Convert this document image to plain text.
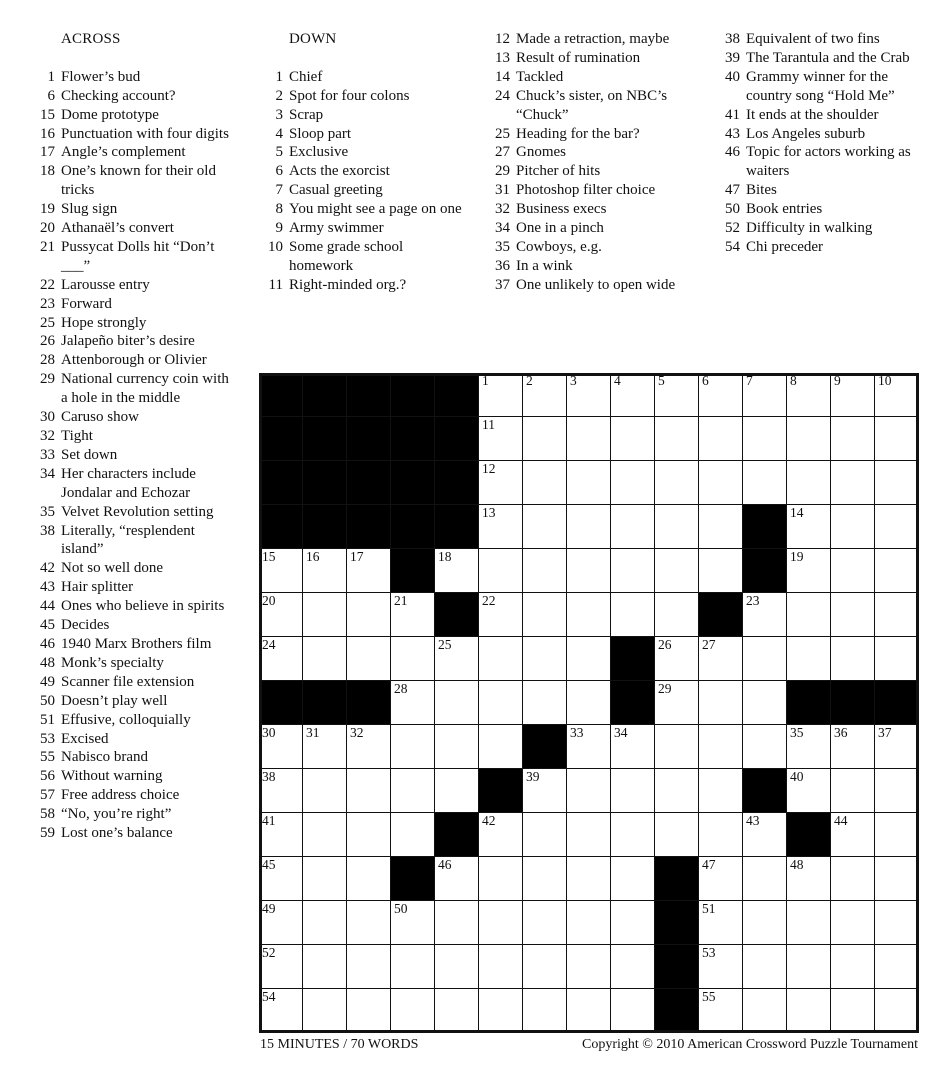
ACROSS
1 Flower’s bud
6 Checking account?
15 Dome prototype
16 Punctuation with four digits
17 Angle’s complement
18 One’s known for their old tricks
19 Slug sign
20 Athanaël’s convert
21 Pussycat Dolls hit “Don’t ___”
22 Larousse entry
23 Forward
25 Hope strongly
26 Jalapeño biter’s desire
28 Attenborough or Olivier
29 National currency coin with a hole in the middle
30 Caruso show
32 Tight
33 Set down
34 Her characters include Jondalar and Echozar
35 Velvet Revolution setting
38 Literally, “resplendent island”
42 Not so well done
43 Hair splitter
44 Ones who believe in spirits
45 Decides
46 1940 Marx Brothers film
48 Monk’s specialty
49 Scanner file extension
50 Doesn’t play well
51 Effusive, colloquially
53 Excised
55 Nabisco brand
56 Without warning
57 Free address choice
58 “No, you’re right”
59 Lost one’s balance
DOWN
1 Chief
2 Spot for four colons
3 Scrap
4 Sloop part
5 Exclusive
6 Acts the exorcist
7 Casual greeting
8 You might see a page on one
9 Army swimmer
10 Some grade school homework
11 Right-minded org.?
12 Made a retraction, maybe
13 Result of rumination
14 Tackled
24 Chuck’s sister, on NBC’s “Chuck”
25 Heading for the bar?
27 Gnomes
29 Pitcher of hits
31 Photoshop filter choice
32 Business execs
34 One in a pinch
35 Cowboys, e.g.
36 In a wink
37 One unlikely to open wide
38 Equivalent of two fins
39 The Tarantula and the Crab
40 Grammy winner for the country song “Hold Me”
41 It ends at the shoulder
43 Los Angeles suburb
46 Topic for actors working as waiters
47 Bites
50 Book entries
52 Difficulty in walking
54 Chi preceder
1	2	3	4	5	6	7	8	9	10
11
12
13	14
15 16 17	18	19
20	21	22	23
24	25	26 27
28	29
30 31 32	33 34	35 36 37
38	39	40
41	42	43	44
45	46	47	48
49	50	51
52	53
54	55
15 MINUTES / 70 WORDS	Copyright © 2010 American Crossword Puzzle Tournament
